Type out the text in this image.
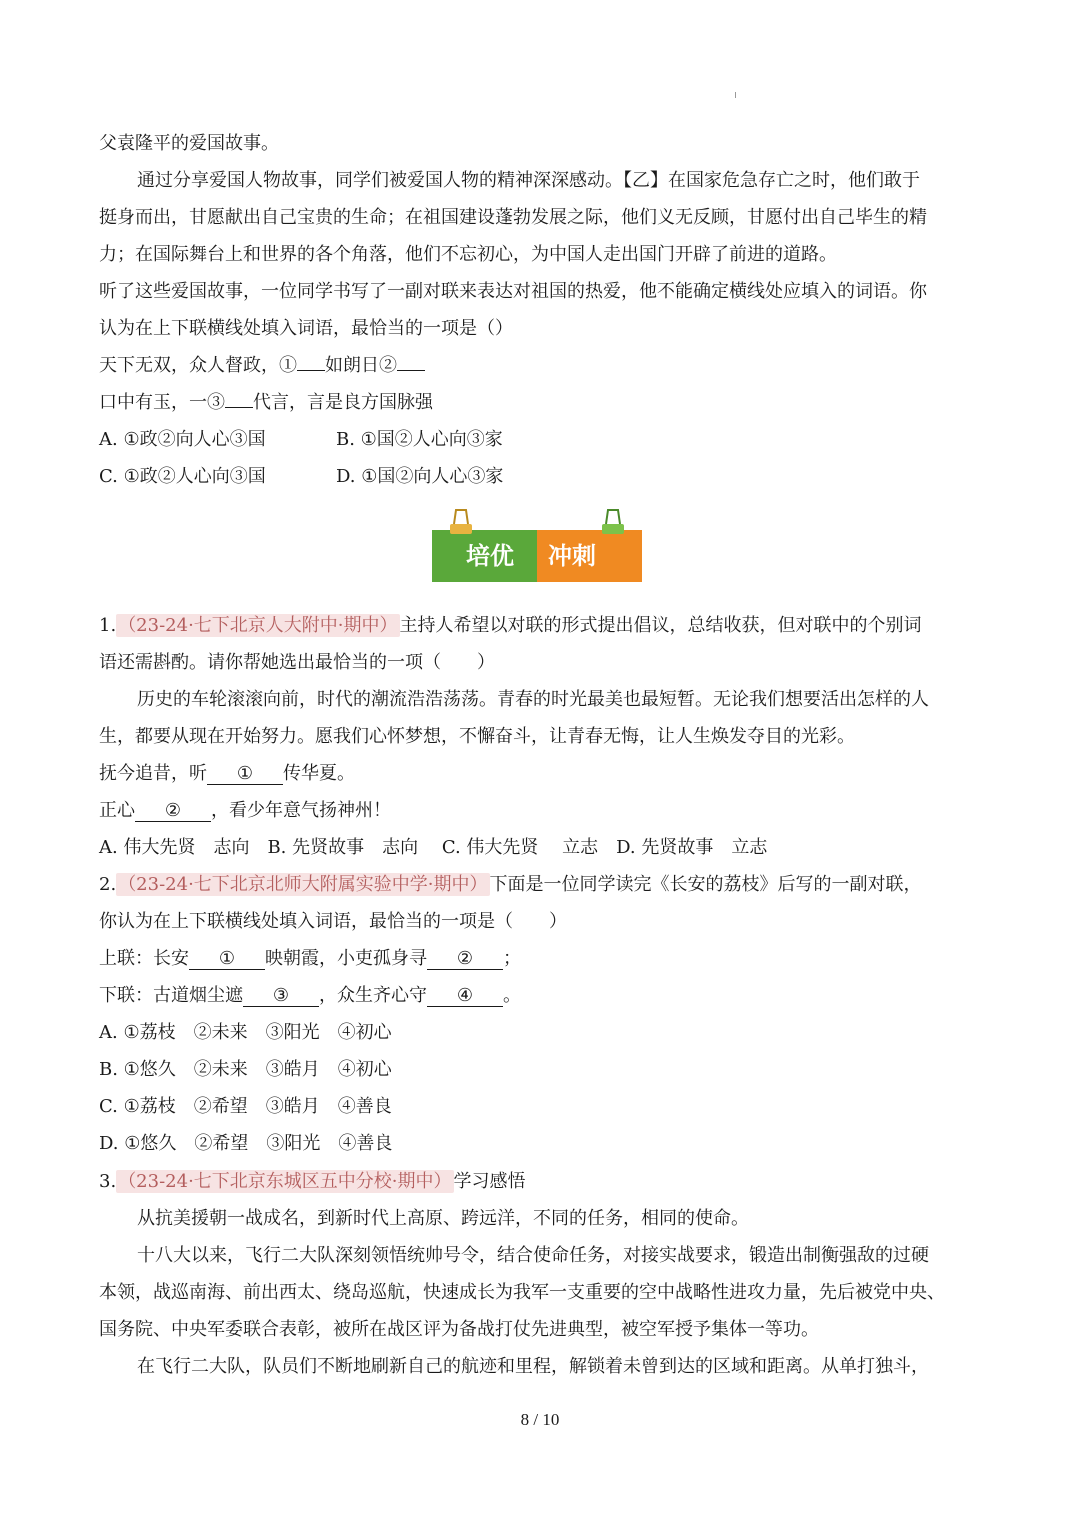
父袁隆平的爱国故事。
通过分享爱国人物故事，同学们被爱国人物的精神深深感动。【乙】在国家危急存亡之时，他们敢于
挺身而出，甘愿献出自己宝贵的生命；在祖国建设蓬勃发展之际，他们义无反顾，甘愿付出自己毕生的精
力；在国际舞台上和世界的各个角落，他们不忘初心，为中国人走出国门开辟了前进的道路。
听了这些爱国故事，一位同学书写了一副对联来表达对祖国的热爱，他不能确定横线处应填入的词语。你
认为在上下联横线处填入词语，最恰当的一项是（）
天下无双，众人督政，① 如朗日②
口中有玉，一③ 代言，言是良方国脉强
A. ①政②向人心③国	B. ①国②人心向③家
C. ①政②人心向③国	D. ①国②向人心③家
培优 冲刺
1. （23-24·七下北京人大附中·期中） 主持人希望以对联的形式提出倡议，总结收获，但对联中的个别词
语还需斟酌。请你帮她选出最恰当的一项（　　）
历史的车轮滚滚向前，时代的潮流浩浩荡荡。青春的时光最美也最短暂。无论我们想要活出怎样的人
生，都要从现在开始努力。愿我们心怀梦想，不懈奋斗，让青春无悔，让人生焕发夺目的光彩。
抚今追昔，听 ① 传华夏。
正心 ② ，看少年意气扬神州！
A. 伟大先贤　志向　B. 先贤故事　志向　 C. 伟大先贤　 立志　D. 先贤故事　立志
2. （23-24·七下北京北师大附属实验中学·期中） 下面是一位同学读完《长安的荔枝》后写的一副对联，
你认为在上下联横线处填入词语，最恰当的一项是（　　）
上联：长安 ① 映朝霞，小吏孤身寻 ② ；
下联：古道烟尘遮 ③ ，众生齐心守 ④ 。
A. ①荔枝　②未来　③阳光　④初心
B. ①悠久　②未来　③皓月　④初心
C. ①荔枝　②希望　③皓月　④善良
D. ①悠久　②希望　③阳光　④善良
3. （23-24·七下北京东城区五中分校·期中） 学习感悟
从抗美援朝一战成名，到新时代上高原、跨远洋，不同的任务，相同的使命。
十八大以来，飞行二大队深刻领悟统帅号令，结合使命任务，对接实战要求，锻造出制衡强敌的过硬
本领，战巡南海、前出西太、绕岛巡航，快速成长为我军一支重要的空中战略性进攻力量，先后被党中央、
国务院、中央军委联合表彰，被所在战区评为备战打仗先进典型，被空军授予集体一等功。
在飞行二大队，队员们不断地刷新自己的航迹和里程，解锁着未曾到达的区域和距离。从单打独斗，
8 / 10
